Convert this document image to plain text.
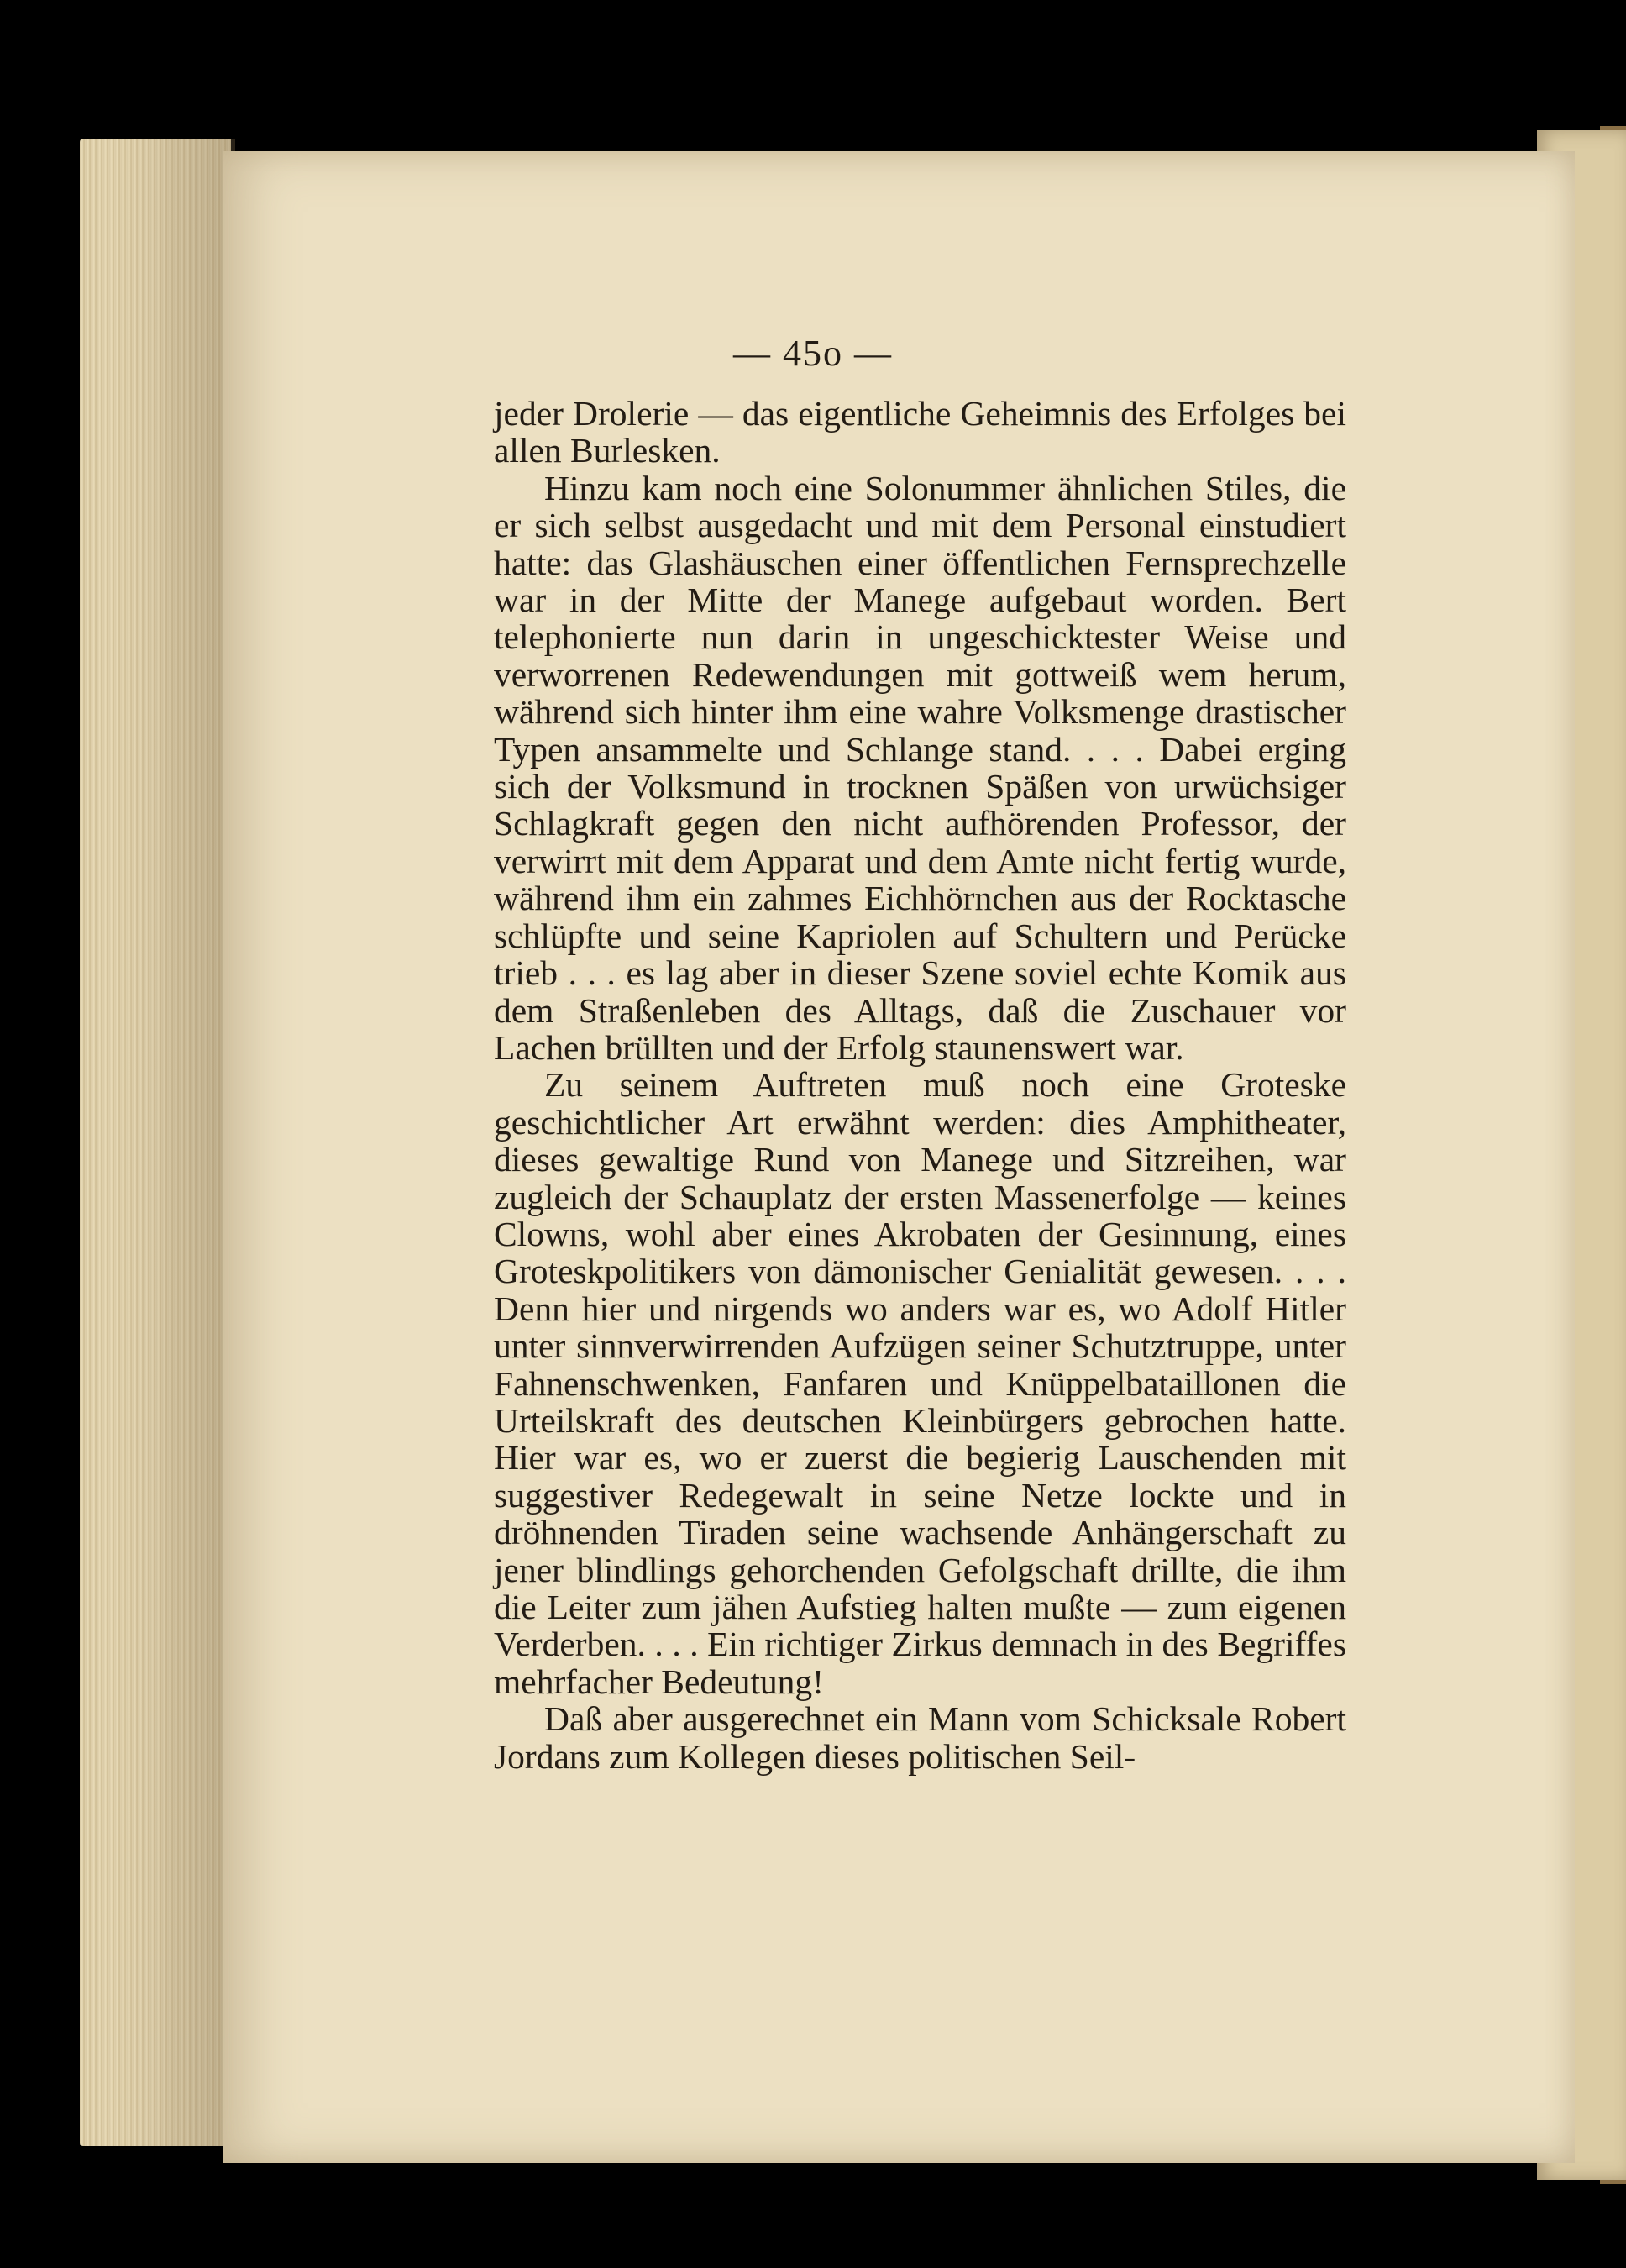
— 45o —

jeder Drolerie — das eigentliche Geheimnis des Erfolges bei allen Burlesken.

Hinzu kam noch eine Solonummer ähnlichen Stiles, die er sich selbst ausgedacht und mit dem Personal einstudiert hatte: das Glashäuschen einer öffentlichen Fernsprechzelle war in der Mitte der Manege aufgebaut worden. Bert telephonierte nun darin in ungeschicktester Weise und verworrenen Redewendungen mit gottweiß wem herum, während sich hinter ihm eine wahre Volksmenge drastischer Typen ansammelte und Schlange stand. . . . Dabei erging sich der Volksmund in trocknen Späßen von urwüchsiger Schlagkraft gegen den nicht aufhörenden Professor, der verwirrt mit dem Apparat und dem Amte nicht fertig wurde, während ihm ein zahmes Eichhörnchen aus der Rocktasche schlüpfte und seine Kapriolen auf Schultern und Perücke trieb . . . es lag aber in dieser Szene soviel echte Komik aus dem Straßenleben des Alltags, daß die Zuschauer vor Lachen brüllten und der Erfolg staunenswert war.

Zu seinem Auftreten muß noch eine Groteske geschichtlicher Art erwähnt werden: dies Amphitheater, dieses gewaltige Rund von Manege und Sitzreihen, war zugleich der Schauplatz der ersten Massenerfolge — keines Clowns, wohl aber eines Akrobaten der Gesinnung, eines Groteskpolitikers von dämonischer Genialität gewesen. . . . Denn hier und nirgends wo anders war es, wo Adolf Hitler unter sinnverwirrenden Aufzügen seiner Schutztruppe, unter Fahnenschwenken, Fanfaren und Knüppelbataillonen die Urteilskraft des deutschen Kleinbürgers gebrochen hatte. Hier war es, wo er zuerst die begierig Lauschenden mit suggestiver Redegewalt in seine Netze lockte und in dröhnenden Tiraden seine wachsende Anhängerschaft zu jener blindlings gehorchenden Gefolgschaft drillte, die ihm die Leiter zum jähen Aufstieg halten mußte — zum eigenen Verderben. . . . Ein richtiger Zirkus demnach in des Begriffes mehrfacher Bedeutung!

Daß aber ausgerechnet ein Mann vom Schicksale Robert Jordans zum Kollegen dieses politischen Seil-
